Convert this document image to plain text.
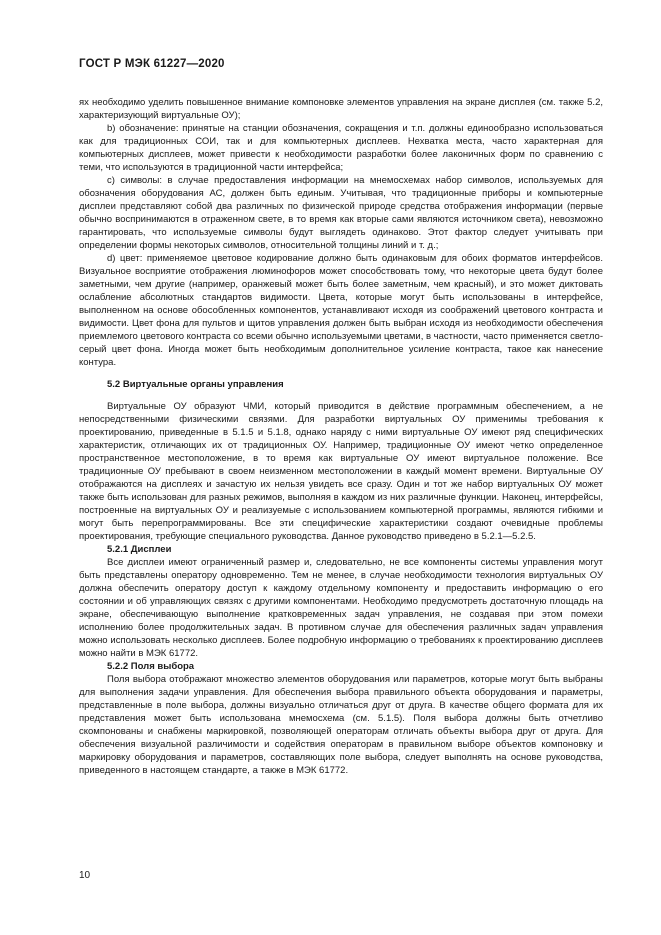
ГОСТ Р МЭК 61227—2020

ях необходимо уделить повышенное внимание компоновке элементов управления на экране дисплея (см. также 5.2, характеризующий виртуальные ОУ);

b) обозначение: принятые на станции обозначения, сокращения и т.п. должны единообразно использоваться как для традиционных СОИ, так и для компьютерных дисплеев. Нехватка места, часто характерная для компьютерных дисплеев, может привести к необходимости разработки более лаконичных форм по сравнению с теми, что используются в традиционной части интерфейса;

c) символы: в случае предоставления информации на мнемосхемах набор символов, используемых для обозначения оборудования АС, должен быть единым. Учитывая, что традиционные приборы и компьютерные дисплеи представляют собой два различных по физической природе средства отображения информации (первые обычно воспринимаются в отраженном свете, в то время как вторые сами являются источником света), невозможно гарантировать, что используемые символы будут выглядеть одинаково. Этот фактор следует учитывать при определении формы некоторых символов, относительной толщины линий и т. д.;

d) цвет: применяемое цветовое кодирование должно быть одинаковым для обоих форматов интерфейсов. Визуальное восприятие отображения люминофоров может способствовать тому, что некоторые цвета будут более заметными, чем другие (например, оранжевый может быть более заметным, чем красный), и это может диктовать ослабление абсолютных стандартов видимости. Цвета, которые могут быть использованы в интерфейсе, выполненном на основе обособленных компонентов, устанавливают исходя из соображений цветового контраста и видимости. Цвет фона для пультов и щитов управления должен быть выбран исходя из необходимости обеспечения приемлемого цветового контраста со всеми обычно используемыми цветами, в частности, часто применяется светло-серый цвет фона. Иногда может быть необходимым дополнительное усиление контраста, такое как нанесение контура.

5.2 Виртуальные органы управления

Виртуальные ОУ образуют ЧМИ, который приводится в действие программным обеспечением, а не непосредственными физическими связями. Для разработки виртуальных ОУ применимы требования к проектированию, приведенные в 5.1.5 и 5.1.8, однако наряду с ними виртуальные ОУ имеют ряд специфических характеристик, отличающих их от традиционных ОУ. Например, традиционные ОУ имеют четко определенное пространственное местоположение, в то время как виртуальные ОУ имеют виртуальное положение. Все традиционные ОУ пребывают в своем неизменном местоположении в каждый момент времени. Виртуальные ОУ отображаются на дисплеях и зачастую их нельзя увидеть все сразу. Один и тот же набор виртуальных ОУ может также быть использован для разных режимов, выполняя в каждом из них различные функции. Наконец, интерфейсы, построенные на виртуальных ОУ и реализуемые с использованием компьютерной программы, являются гибкими и могут быть перепрограммированы. Все эти специфические характеристики создают очевидные проблемы проектирования, требующие специального руководства. Данное руководство приведено в 5.2.1—5.2.5.

5.2.1 Дисплеи

Все дисплеи имеют ограниченный размер и, следовательно, не все компоненты системы управления могут быть представлены оператору одновременно. Тем не менее, в случае необходимости технология виртуальных ОУ должна обеспечить оператору доступ к каждому отдельному компоненту и предоставить информацию о его состоянии и об управляющих связях с другими компонентами. Необходимо предусмотреть достаточную площадь на экране, обеспечивающую выполнение кратковременных задач управления, не создавая при этом помехи исполнению более продолжительных задач. В противном случае для обеспечения различных задач управления можно использовать несколько дисплеев. Более подробную информацию о требованиях к проектированию дисплеев можно найти в МЭК 61772.

5.2.2 Поля выбора

Поля выбора отображают множество элементов оборудования или параметров, которые могут быть выбраны для выполнения задачи управления. Для обеспечения выбора правильного объекта оборудования и параметры, представленные в поле выбора, должны визуально отличаться друг от друга. В качестве общего формата для их представления может быть использована мнемосхема (см. 5.1.5). Поля выбора должны быть отчетливо скомпонованы и снабжены маркировкой, позволяющей операторам отличать объекты выбора друг от друга. Для обеспечения визуальной различимости и содействия операторам в правильном выборе объектов компоновку и маркировку оборудования и параметров, составляющих поле выбора, следует выполнять на основе руководства, приведенного в настоящем стандарте, а также в МЭК 61772.

10
